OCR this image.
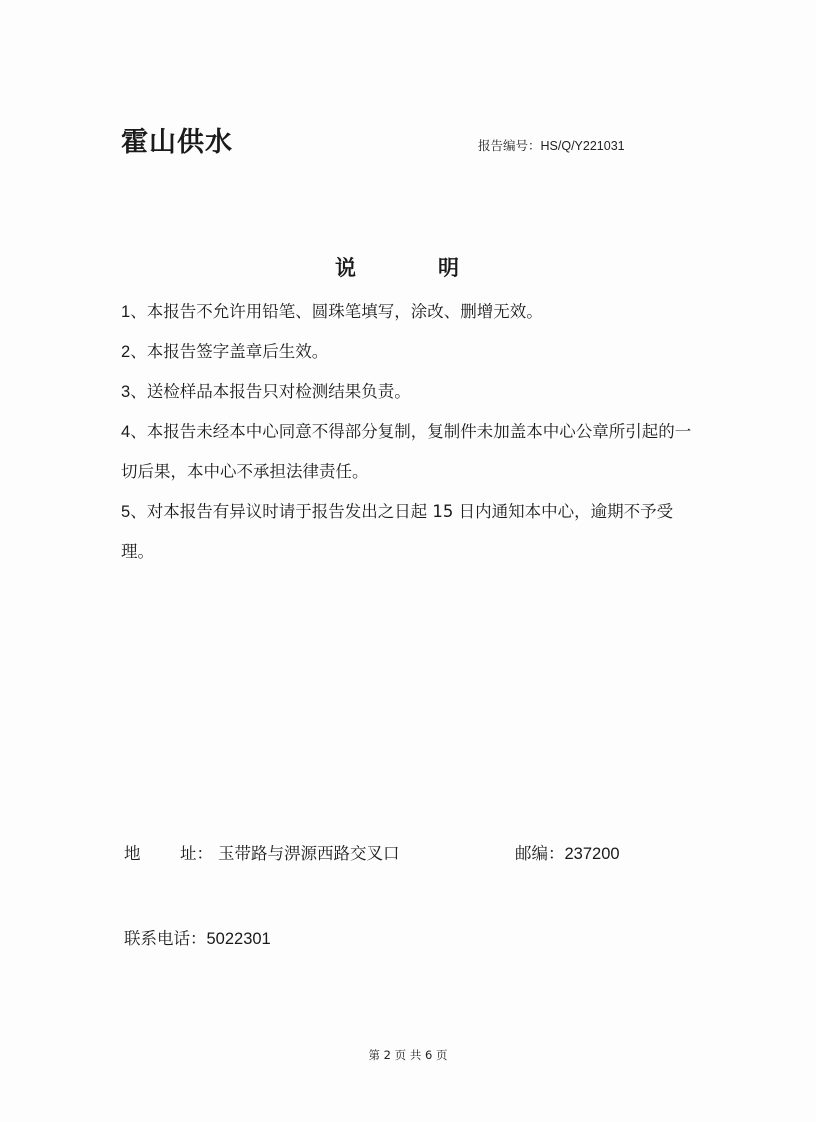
霍山供水	报告编号：HS/Q/Y221031
说	明

1、本报告不允许用铅笔、圆珠笔填写，涂改、删增无效。

2、本报告签字盖章后生效。

3、送检样品本报告只对检测结果负责。

4、本报告未经本中心同意不得部分复制，复制件未加盖本中心公章所引起的一切后果，本中心不承担法律责任。

5、对本报告有异议时请于报告发出之日起 15 日内通知本中心，逾期不予受理。

地 址： 玉带路与淠源西路交叉口	邮编：237200
联系电话：5022301
第 2 页 共 6 页
